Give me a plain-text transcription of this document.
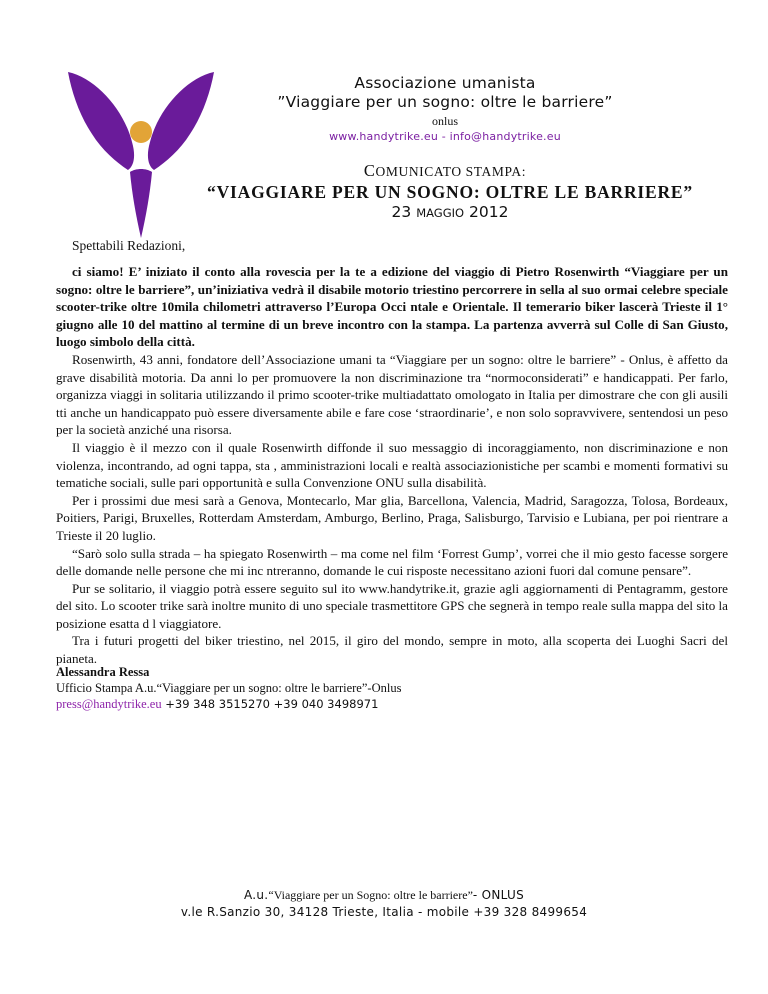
Associazione umanista
”Viaggiare per un sogno: oltre le barriere”
onlus
www.handytrike.eu - info@handytrike.eu
COMUNICATO STAMPA:
“VIAGGIARE PER UN SOGNO: OLTRE LE BARRIERE”
23 MAGGIO 2012
Spettabili Redazioni,

ci siamo! E’ iniziato il conto alla rovescia per la te a edizione del viaggio di Pietro Rosenwirth “Viaggiare per un sogno: oltre le barriere”, un’iniziativa vedrà il disabile motorio triestino percorrere in sella al suo ormai celebre speciale scooter-trike oltre 10mila chilometri attraverso l’Europa Occi ntale e Orientale. Il temerario biker lascerà Trieste il 1° giugno alle 10 del mattino al termine di un breve incontro con la stampa. La partenza avverrà sul Colle di San Giusto, luogo simbolo della città.

Rosenwirth, 43 anni, fondatore dell’Associazione umani ta “Viaggiare per un sogno: oltre le barriere” - Onlus, è affetto da grave disabilità motoria. Da anni lo per promuovere la non discriminazione tra “normoconsiderati” e handicappati. Per farlo, organizza viaggi in solitaria utilizzando il primo scooter-trike multiadattato omologato in Italia per dimostrare che con gli ausili tti anche un handicappato può essere diversamente abile e fare cose ‘straordinarie’, e non solo sopravvivere, sentendosi un peso per la società anziché una risorsa.

Il viaggio è il mezzo con il quale Rosenwirth diffonde il suo messaggio di incoraggiamento, non discriminazione e non violenza, incontrando, ad ogni tappa, sta , amministrazioni locali e realtà associazionistiche per scambi e momenti formativi su tematiche sociali, sulle pari opportunità e sulla Convenzione ONU sulla disabilità.

Per i prossimi due mesi sarà a Genova, Montecarlo, Mar glia, Barcellona, Valencia, Madrid, Saragozza, Tolosa, Bordeaux, Poitiers, Parigi, Bruxelles, Rotterdam Amsterdam, Amburgo, Berlino, Praga, Salisburgo, Tarvisio e Lubiana, per poi rientrare a Trieste il 20 luglio.

“Sarò solo sulla strada – ha spiegato Rosenwirth – ma come nel film ‘Forrest Gump’, vorrei che il mio gesto facesse sorgere delle domande nelle persone che mi inc ntreranno, domande le cui risposte necessitano azioni fuori dal comune pensare”.

Pur se solitario, il viaggio potrà essere seguito sul ito www.handytrike.it, grazie agli aggiornamenti di Pentagramm, gestore del sito. Lo scooter trike sarà inoltre munito di uno speciale trasmettitore GPS che segnerà in tempo reale sulla mappa del sito la posizione esatta d l viaggiatore.

Tra i futuri progetti del biker triestino, nel 2015, il giro del mondo, sempre in moto, alla scoperta dei Luoghi Sacri del pianeta.

Alessandra Ressa
Ufficio Stampa A.u.“Viaggiare per un sogno: oltre le barriere”-Onlus
press@handytrike.eu +39 348 3515270 +39 040 3498971
A.u.“Viaggiare per un Sogno: oltre le barriere”- ONLUS
v.le R.Sanzio 30, 34128 Trieste, Italia - mobile +39 328 8499654
